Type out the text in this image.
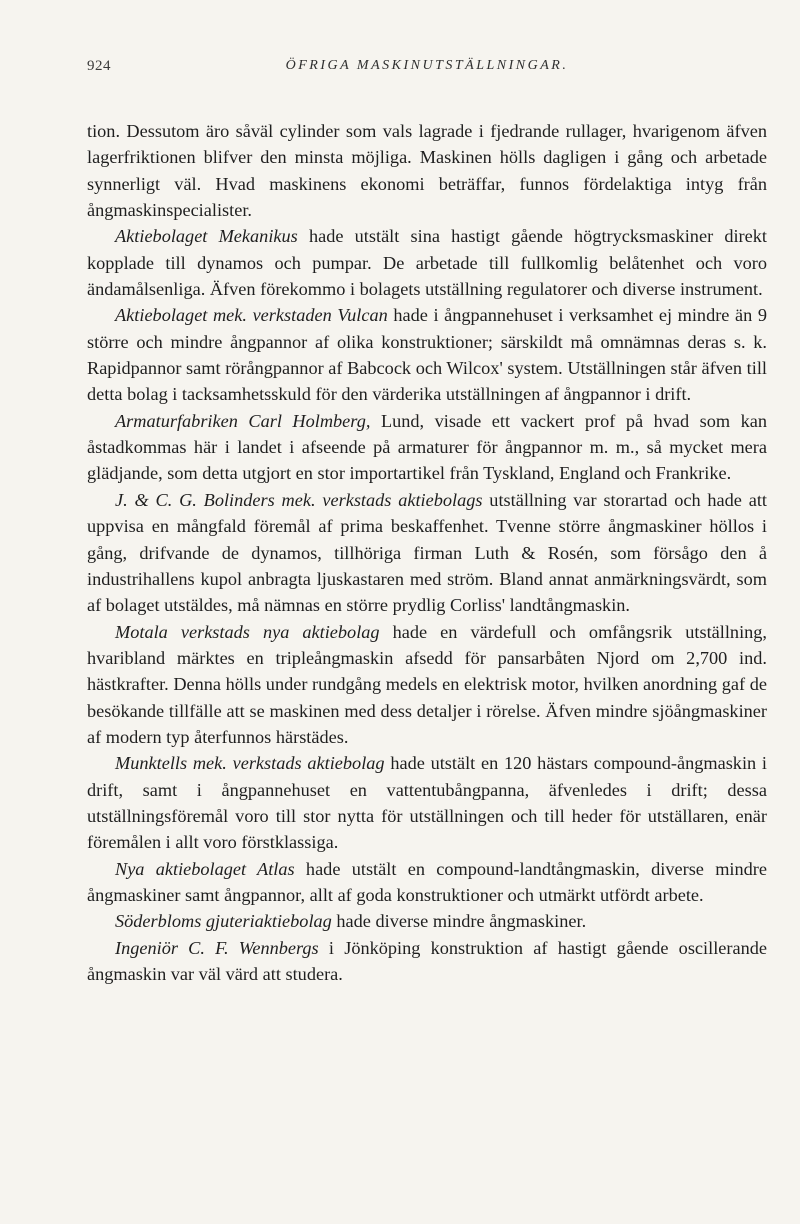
924	ÖFRIGA MASKINUTSTÄLLNINGAR.

tion. Dessutom äro såväl cylinder som vals lagrade i fjedrande rullager, hvarigenom äfven lagerfriktionen blifver den minsta möjliga. Maskinen hölls dagligen i gång och arbetade synnerligt väl. Hvad maskinens ekonomi beträffar, funnos fördelaktiga intyg från ångmaskinspecialister.

Aktiebolaget Mekanikus hade utstält sina hastigt gående högtrycksmaskiner direkt kopplade till dynamos och pumpar. De arbetade till fullkomlig belåtenhet och voro ändamålsenliga. Äfven förekommo i bolagets utställning regulatorer och diverse instrument.

Aktiebolaget mek. verkstaden Vulcan hade i ångpannehuset i verksamhet ej mindre än 9 större och mindre ångpannor af olika konstruktioner; särskildt må omnämnas deras s. k. Rapidpannor samt rörångpannor af Babcock och Wilcox' system. Utställningen står äfven till detta bolag i tacksamhetsskuld för den värderika utställningen af ångpannor i drift.

Armaturfabriken Carl Holmberg, Lund, visade ett vackert prof på hvad som kan åstadkommas här i landet i afseende på armaturer för ångpannor m. m., så mycket mera glädjande, som detta utgjort en stor importartikel från Tyskland, England och Frankrike.

J. & C. G. Bolinders mek. verkstads aktiebolags utställning var storartad och hade att uppvisa en mångfald föremål af prima beskaffenhet. Tvenne större ångmaskiner höllos i gång, drifvande de dynamos, tillhöriga firman Luth & Rosén, som försågo den å industrihallens kupol anbragta ljuskastaren med ström. Bland annat anmärkningsvärdt, som af bolaget utstäldes, må nämnas en större prydlig Corliss' landtångmaskin.

Motala verkstads nya aktiebolag hade en värdefull och omfångsrik utställning, hvaribland märktes en tripleångmaskin afsedd för pansarbåten Njord om 2,700 ind. hästkrafter. Denna hölls under rundgång medels en elektrisk motor, hvilken anordning gaf de besökande tillfälle att se maskinen med dess detaljer i rörelse. Äfven mindre sjöångmaskiner af modern typ återfunnos härstädes.

Munktells mek. verkstads aktiebolag hade utstält en 120 hästars compound-ångmaskin i drift, samt i ångpannehuset en vattentubångpanna, äfvenledes i drift; dessa utställningsföremål voro till stor nytta för utställningen och till heder för utställaren, enär föremålen i allt voro förstklassiga.

Nya aktiebolaget Atlas hade utstält en compound-landtångmaskin, diverse mindre ångmaskiner samt ångpannor, allt af goda konstruktioner och utmärkt utfördt arbete.

Söderbloms gjuteriaktiebolag hade diverse mindre ångmaskiner.

Ingeniör C. F. Wennbergs i Jönköping konstruktion af hastigt gående oscillerande ångmaskin var väl värd att studera.
